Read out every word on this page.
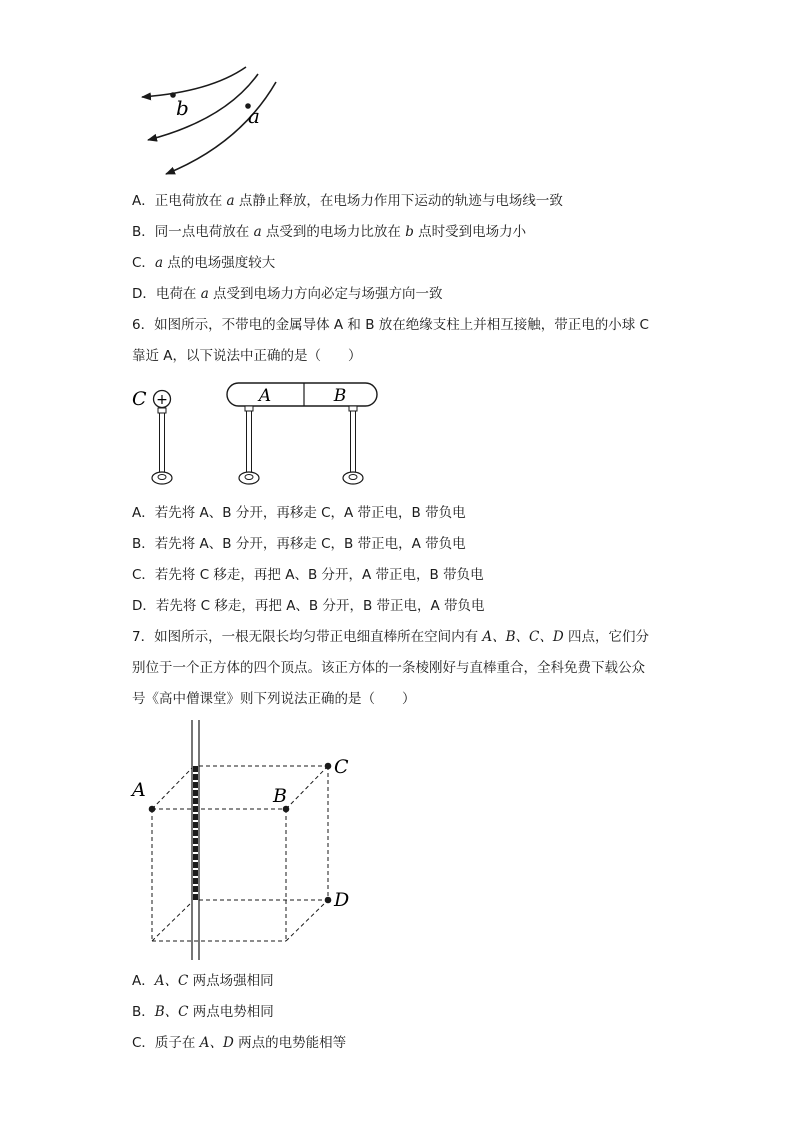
b	a
A．正电荷放在 a 点静止释放，在电场力作用下运动的轨迹与电场线一致
B．同一点电荷放在 a 点受到的电场力比放在 b 点时受到电场力小
C．a 点的电场强度较大
D．电荷在 a 点受到电场力方向必定与场强方向一致
6．如图所示，不带电的金属导体 A 和 B 放在绝缘支柱上并相互接触，带正电的小球 C
靠近 A，以下说法中正确的是（　　）
C +	A	B
A．若先将 A、B 分开，再移走 C，A 带正电，B 带负电
B．若先将 A、B 分开，再移走 C，B 带正电，A 带负电
C．若先将 C 移走，再把 A、B 分开，A 带正电，B 带负电
D．若先将 C 移走，再把 A、B 分开，B 带正电，A 带负电
7．如图所示，一根无限长均匀带正电细直棒所在空间内有 A、B、C、D 四点，它们分
别位于一个正方体的四个顶点。该正方体的一条棱刚好与直棒重合，全科免费下载公众
号《高中僧课堂》则下列说法正确的是（　　）
A	B
C
D
A．A、C 两点场强相同
B．B、C 两点电势相同
C．质子在 A、D 两点的电势能相等
